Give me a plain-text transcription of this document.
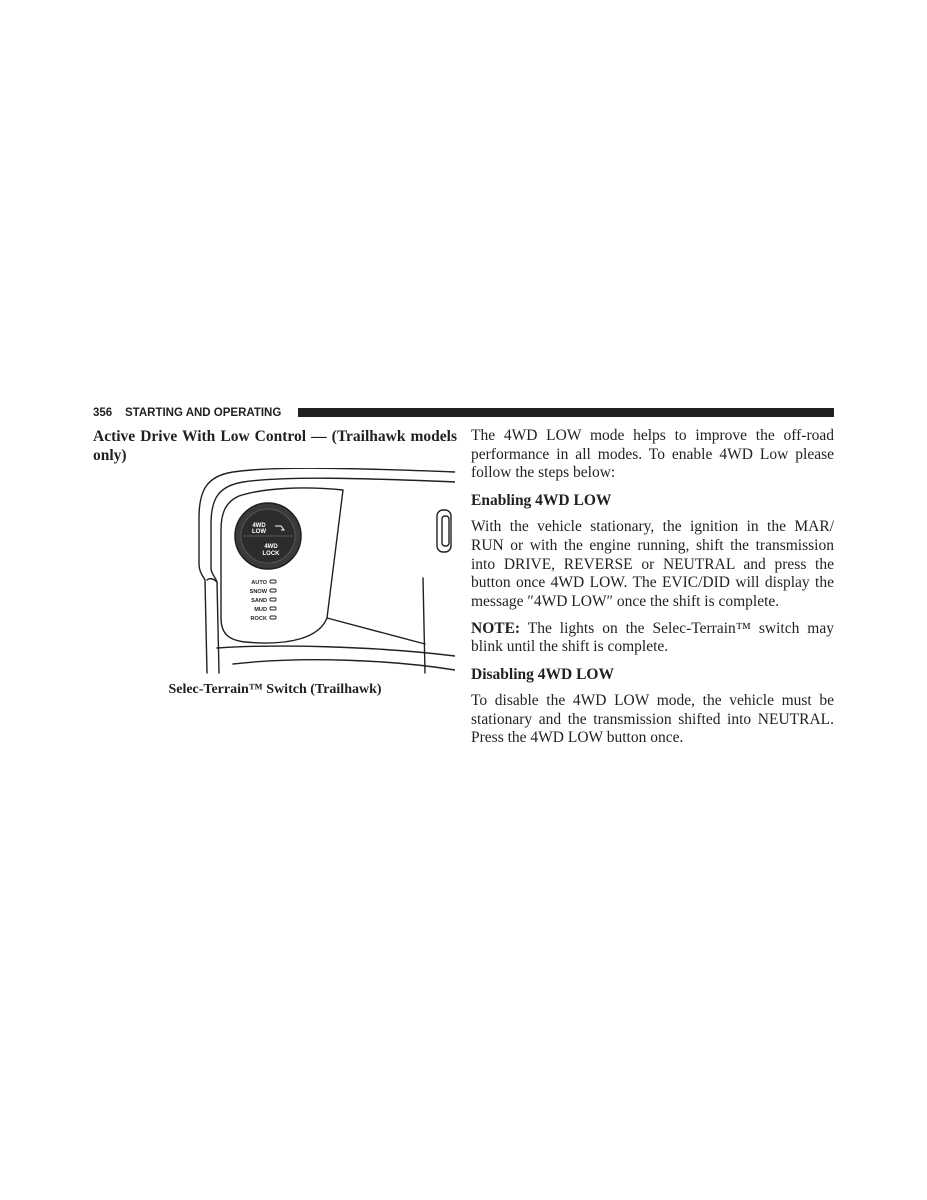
356 STARTING AND OPERATING
Active Drive With Low Control — (Trailhawk models only)
4WD
LOW
4WD
LOCK
AUTO
SNOW
SAND
MUD
ROCK
Selec-Terrain™ Switch (Trailhawk)

The 4WD LOW mode helps to improve the off-road performance in all modes. To enable 4WD Low please follow the steps below:

Enabling 4WD LOW

With the vehicle stationary, the ignition in the MAR/ RUN or with the engine running, shift the transmission into DRIVE, REVERSE or NEUTRAL and press the button once 4WD LOW. The EVIC/DID will display the message ″4WD LOW″ once the shift is complete.

NOTE: The lights on the Selec-Terrain™ switch may blink until the shift is complete.

Disabling 4WD LOW

To disable the 4WD LOW mode, the vehicle must be stationary and the transmission shifted into NEUTRAL. Press the 4WD LOW button once.
